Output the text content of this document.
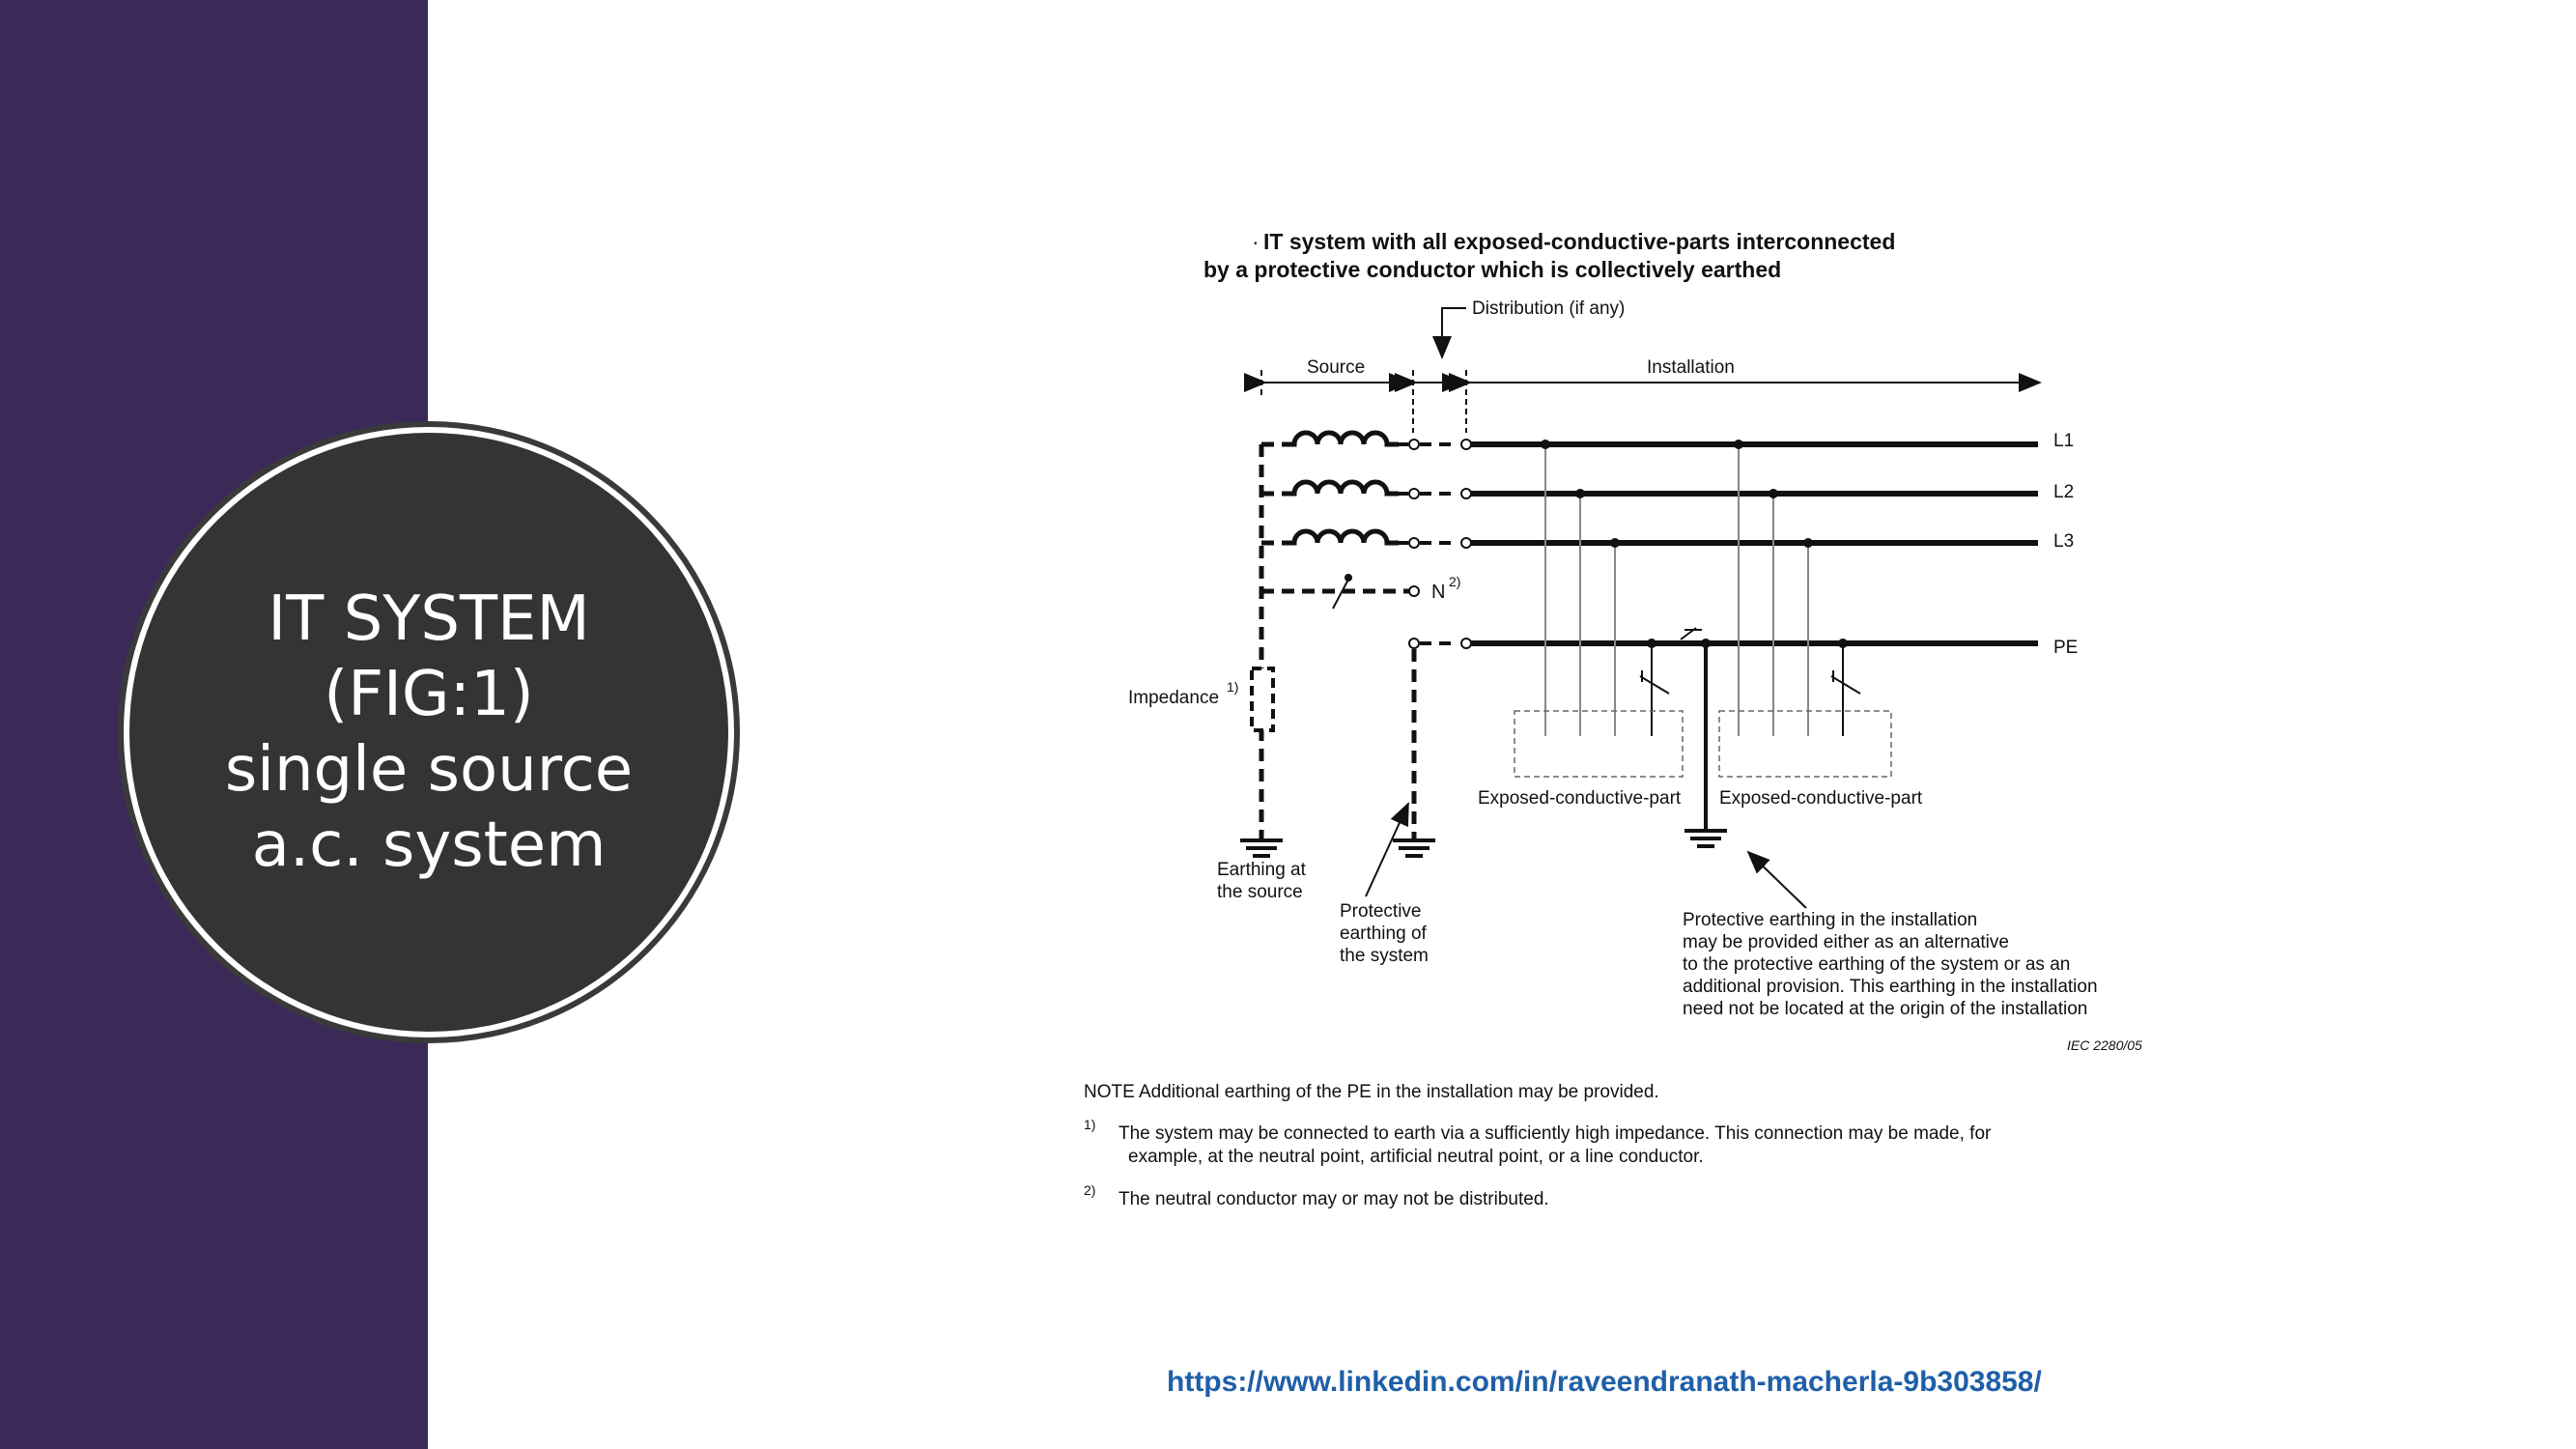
IT SYSTEM
(FIG:1)
single source
a.c. system
IT system with all exposed-conductive-parts interconnected
·
by a protective conductor which is collectively earthed
Distribution (if any)
Source	Installation
N 2)
L1
L2
L3
PE
Impedance
1)
Exposed-conductive-part Exposed-conductive-part
Earthing at
the source
Protective
earthing of
the system
Protective earthing in the installation
may be provided either as an alternative
to the protective earthing of the system or as an
additional provision. This earthing in the installation
need not be located at the origin of the installation
IEC 2280/05
NOTE Additional earthing of the PE in the installation may be provided.
1) The system may be connected to earth via a sufficiently high impedance. This connection may be made, for
example, at the neutral point, artificial neutral point, or a line conductor.
2) The neutral conductor may or may not be distributed.
https://www.linkedin.com/in/raveendranath-macherla-9b303858/
